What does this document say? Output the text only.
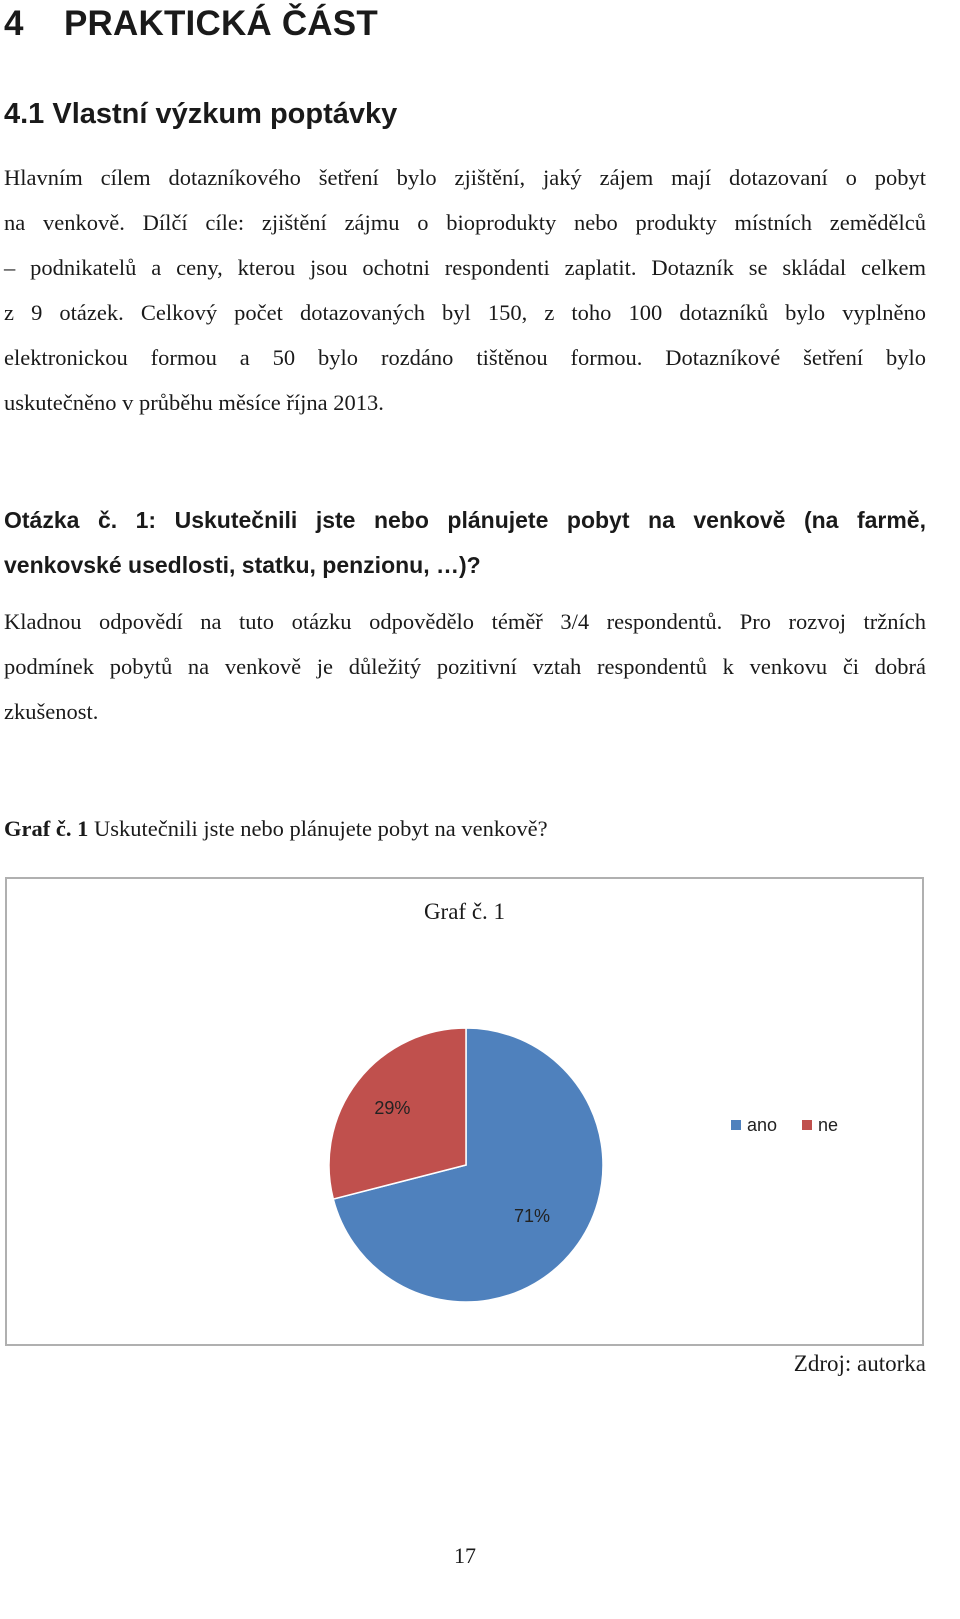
4 PRAKTICKÁ ČÁST
4.1 Vlastní výzkum poptávky
Hlavním cílem dotazníkového šetření bylo zjištění, jaký zájem mají dotazovaní o pobyt
na venkově. Dílčí cíle: zjištění zájmu o bioprodukty nebo produkty místních zemědělců
– podnikatelů a ceny, kterou jsou ochotni respondenti zaplatit. Dotazník se skládal celkem
z 9 otázek. Celkový počet dotazovaných byl 150, z toho 100 dotazníků bylo vyplněno
elektronickou formou a 50 bylo rozdáno tištěnou formou. Dotazníkové šetření bylo
uskutečněno v průběhu měsíce října 2013.
Otázka č. 1: Uskutečnili jste nebo plánujete pobyt na venkově (na farmě,
venkovské usedlosti, statku, penzionu, …)?
Kladnou odpovědí na tuto otázku odpovědělo téměř 3/4 respondentů. Pro rozvoj tržních
podmínek pobytů na venkově je důležitý pozitivní vztah respondentů k venkovu či dobrá
zkušenost.
Graf č. 1 Uskutečnili jste nebo plánujete pobyt na venkově?
Graf č. 1
71%
29%
ano ne
Zdroj: autorka
17
